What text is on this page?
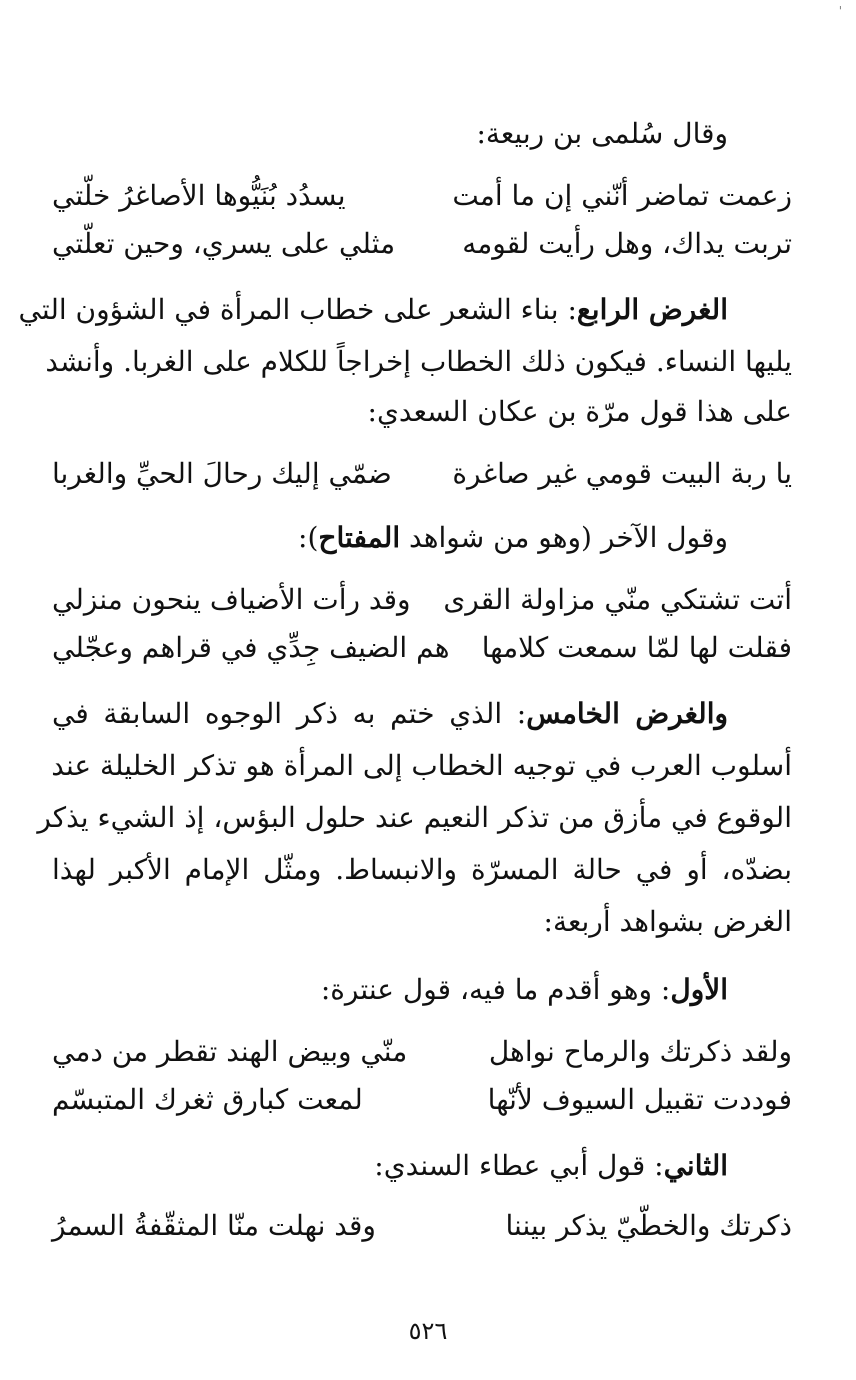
'
وقال سُلمى بن ربيعة:
زعمت تماضر أنّني إن ما أمت
يسدُد بُنَيُّوها الأصاغرُ خلّتي
تربت يداك، وهل رأيت لقومه
مثلي على يسري، وحين تعلّتي
الغرض الرابع: بناء الشعر على خطاب المرأة في الشؤون التي
يليها النساء. فيكون ذلك الخطاب إخراجاً للكلام على الغربا. وأنشد
على هذا قول مرّة بن عكان السعدي:
يا ربة البيت قومي غير صاغرة
ضمّي إليك رحالَ الحيِّ والغربا
وقول الآخر (وهو من شواهد المفتاح):
أتت تشتكي منّي مزاولة القرى
وقد رأت الأضياف ينحون منزلي
فقلت لها لمّا سمعت كلامها
هم الضيف جِدِّي في قراهم وعجّلي
والغرض الخامس: الذي ختم به ذكر الوجوه السابقة في
أسلوب العرب في توجيه الخطاب إلى المرأة هو تذكر الخليلة عند
الوقوع في مأزق من تذكر النعيم عند حلول البؤس، إذ الشيء يذكر
بضدّه، أو في حالة المسرّة والانبساط. ومثّل الإمام الأكبر لهذا
الغرض بشواهد أربعة:
الأول: وهو أقدم ما فيه، قول عنترة:
ولقد ذكرتك والرماح نواهل
منّي وبيض الهند تقطر من دمي
فوددت تقبيل السيوف لأنّها
لمعت كبارق ثغرك المتبسّم
الثاني: قول أبي عطاء السندي:
ذكرتك والخطّيّ يذكر بيننا
وقد نهلت منّا المثقّفةُ السمرُ
٥٢٦
